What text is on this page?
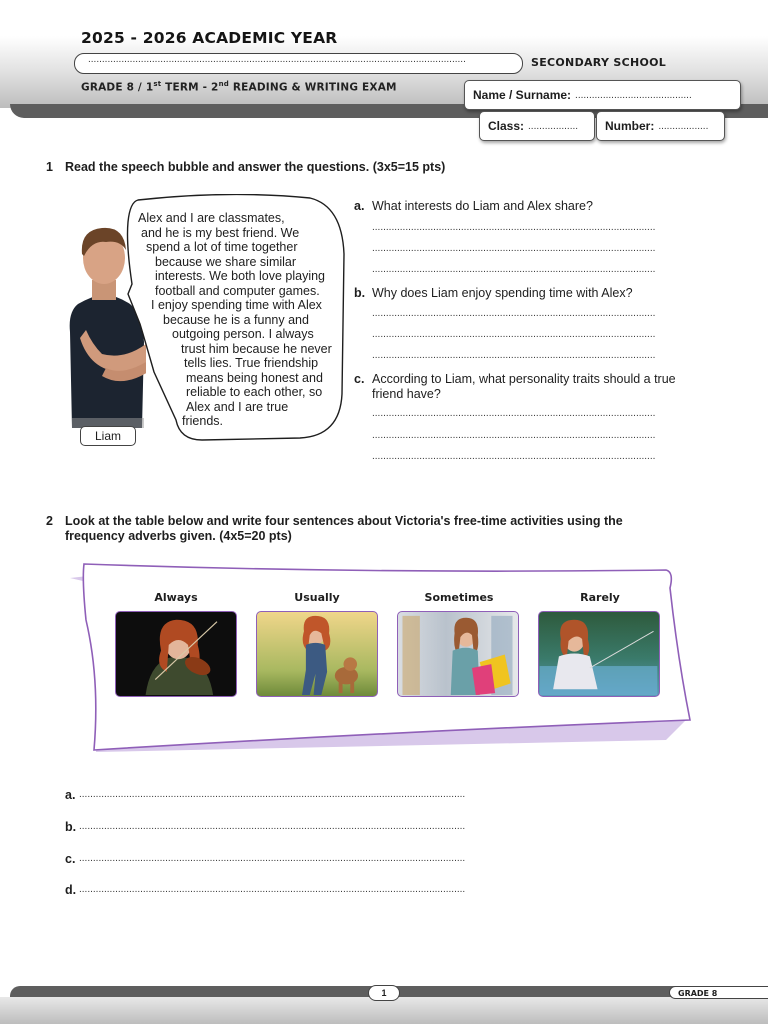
2025 - 2026 ACADEMIC YEAR
........................................................................................................................................	SECONDARY SCHOOL
GRADE 8 / 1st TERM - 2nd READING & WRITING EXAM
Name / Surname: ..........................................
Class: .................. Number: ..................
1 Read the speech bubble and answer the questions. (3x5=15 pts)
Liam
Alex and I are classmates,
and he is my best friend. We
spend a lot of time together
because we share similar
interests. We both love playing
football and computer games.
I enjoy spending time with Alex
because he is a funny and
outgoing person. I always
trust him because he never
tells lies. True friendship
means being honest and
reliable to each other, so
Alex and I are true
friends.
a. What interests do Liam and Alex share?
......................................................................................................
......................................................................................................
......................................................................................................
b. Why does Liam enjoy spending time with Alex?
......................................................................................................
......................................................................................................
......................................................................................................
c. According to Liam, what personality traits should a true friend have?
......................................................................................................
......................................................................................................
......................................................................................................
2 Look at the table below and write four sentences about Victoria's free-time activities using the frequency adverbs given. (4x5=20 pts)
Always	Usually	Sometimes	Rarely
a. ...........................................................................................................................................
b. ...........................................................................................................................................
c. ...........................................................................................................................................
d. ...........................................................................................................................................
1	GRADE 8
